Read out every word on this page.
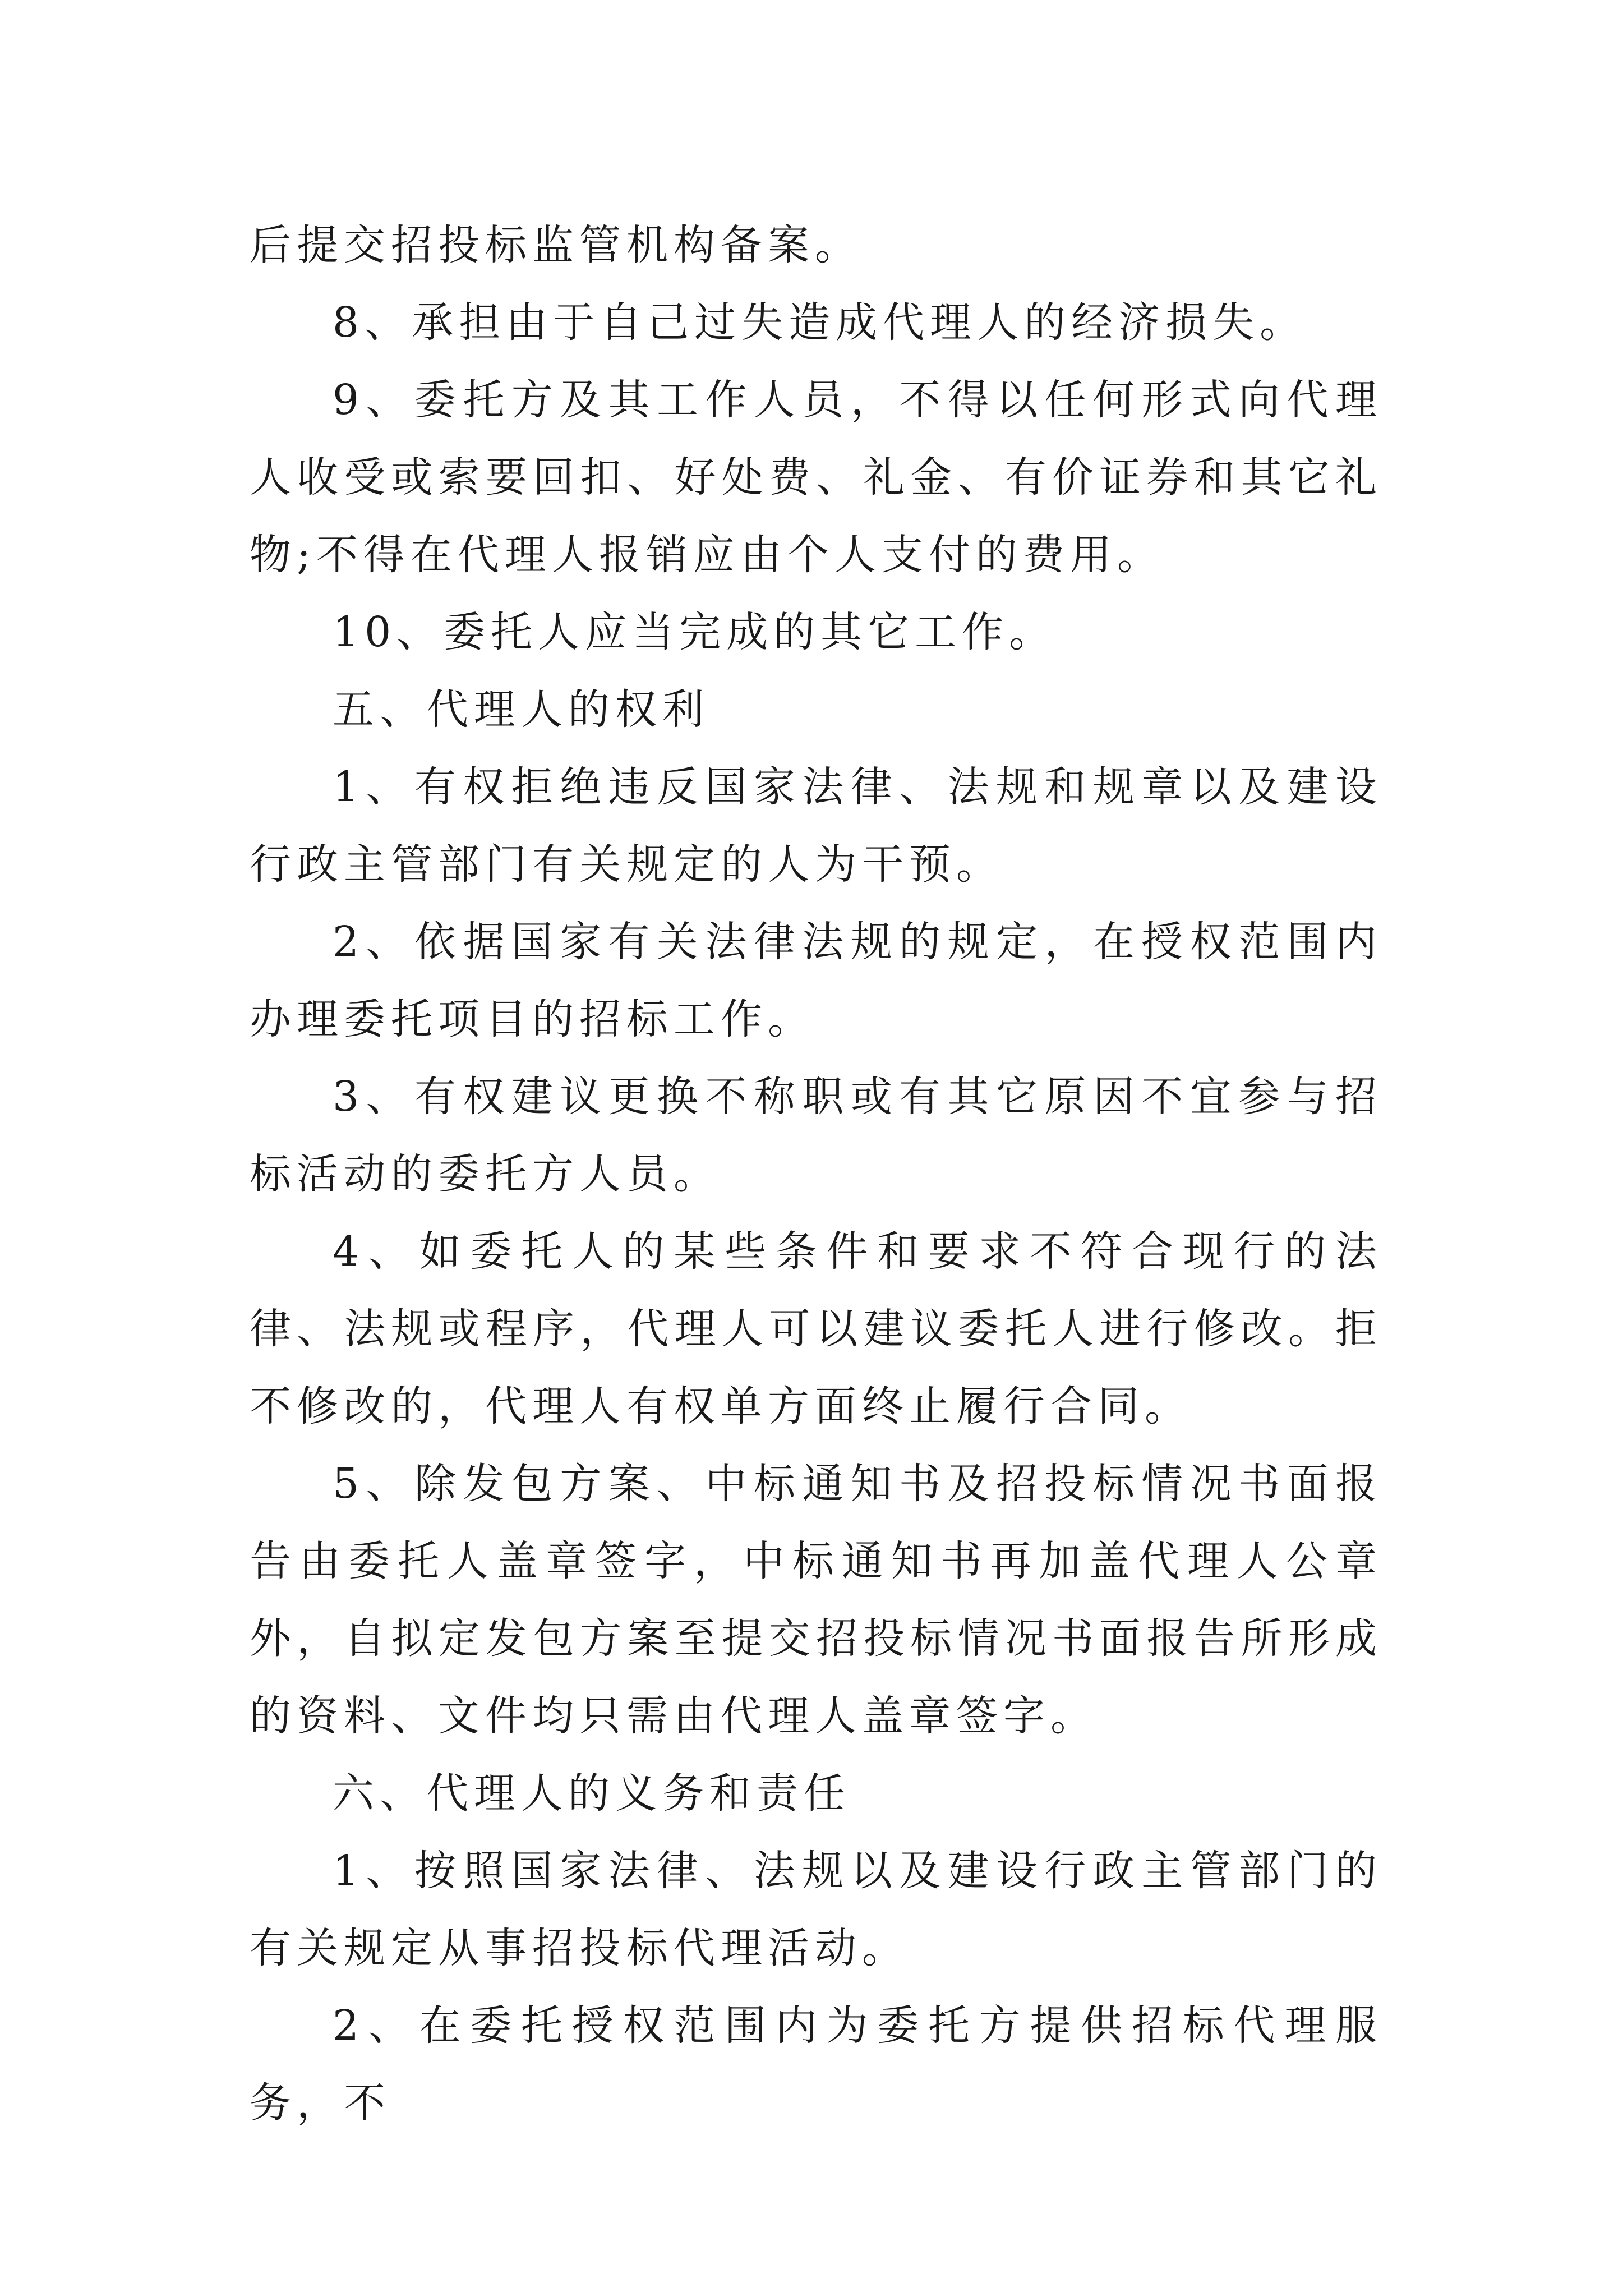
后提交招投标监管机构备案。

8、承担由于自己过失造成代理人的经济损失。

9、委托方及其工作人员，不得以任何形式向代理人收受或索要回扣、好处费、礼金、有价证券和其它礼物;不得在代理人报销应由个人支付的费用。

10、委托人应当完成的其它工作。

五、代理人的权利

1、有权拒绝违反国家法律、法规和规章以及建设行政主管部门有关规定的人为干预。

2、依据国家有关法律法规的规定，在授权范围内办理委托项目的招标工作。

3、有权建议更换不称职或有其它原因不宜参与招标活动的委托方人员。

4、如委托人的某些条件和要求不符合现行的法律、法规或程序，代理人可以建议委托人进行修改。拒不修改的，代理人有权单方面终止履行合同。

5、除发包方案、中标通知书及招投标情况书面报告由委托人盖章签字，中标通知书再加盖代理人公章外，自拟定发包方案至提交招投标情况书面报告所形成的资料、文件均只需由代理人盖章签字。

六、代理人的义务和责任

1、按照国家法律、法规以及建设行政主管部门的有关规定从事招投标代理活动。

2、在委托授权范围内为委托方提供招标代理服务，不
